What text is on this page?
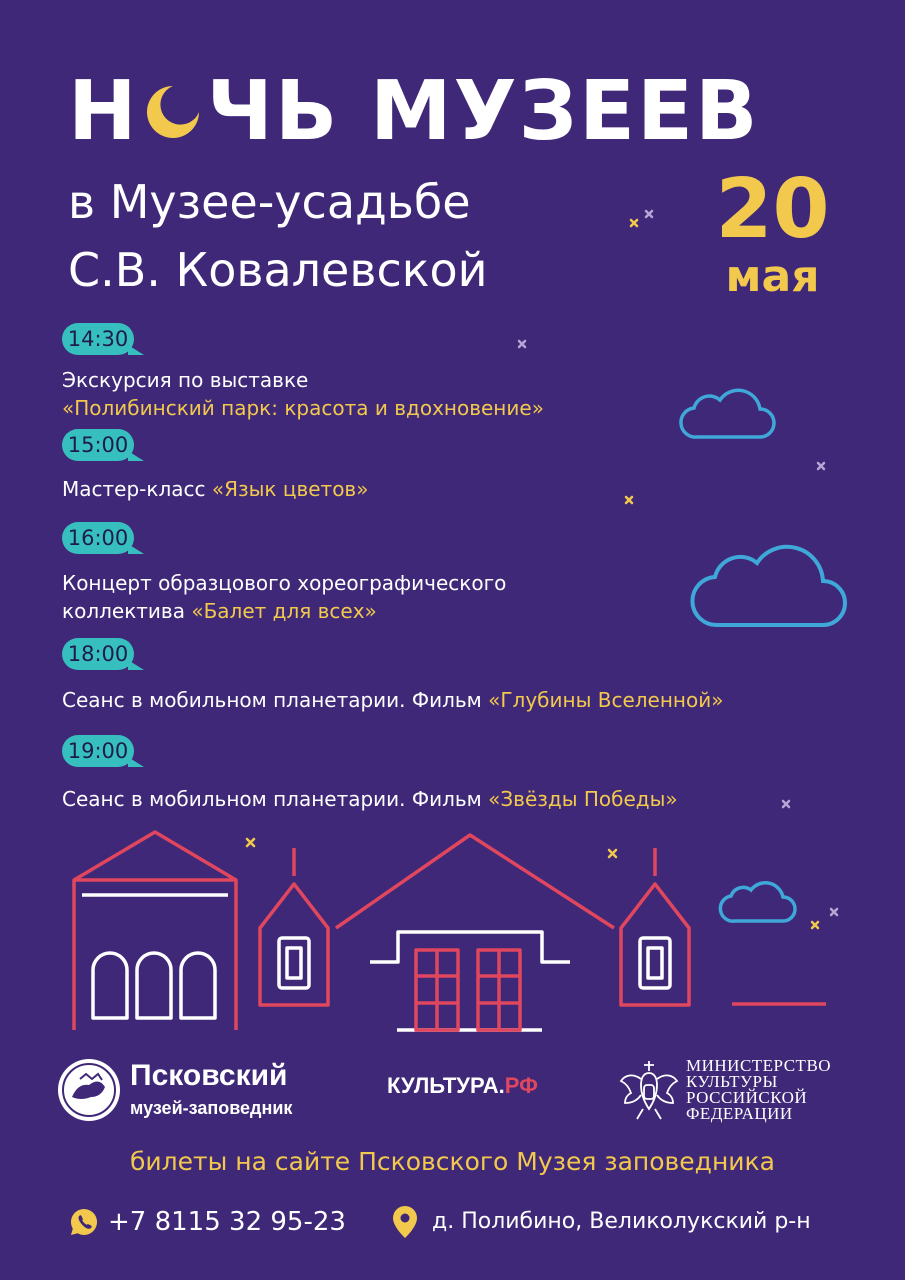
Н ЧЬ МУЗЕЕВ
в Музее-усадьбе
С.В. Ковалевской
20
мая
14:30
Экскурсия по выставке
«Полибинский парк: красота и вдохновение»
15:00
Мастер-класс «Язык цветов»
16:00
Концерт образцового хореографического
коллектива «Балет для всех»
18:00
Сеанс в мобильном планетарии. Фильм «Глубины Вселенной»
19:00
Сеанс в мобильном планетарии. Фильм «Звёзды Победы»
Псковский
музей-заповедник
КУЛЬТУРА.РФ
МИНИСТЕРСТВО
КУЛЬТУРЫ
РОССИЙСКОЙ
ФЕДЕРАЦИИ
билеты на сайте Псковского Музея заповедника
+7 8115 32 95-23	д. Полибино, Великолукский р-н
